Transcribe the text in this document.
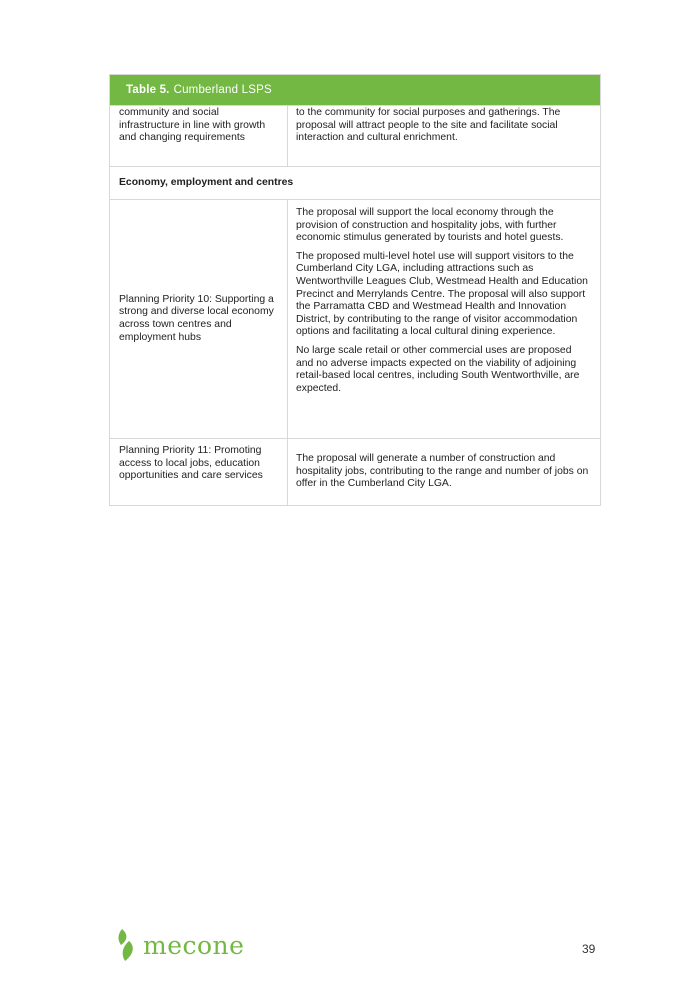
Table 5. Cumberland LSPS
community and social infrastructure in line with growth and changing requirements
to the community for social purposes and gatherings. The proposal will attract people to the site and facilitate social interaction and cultural enrichment.
Economy, employment and centres
Planning Priority 10: Supporting a strong and diverse local economy across town centres and employment hubs

The proposal will support the local economy through the provision of construction and hospitality jobs, with further economic stimulus generated by tourists and hotel guests.

The proposed multi-level hotel use will support visitors to the Cumberland City LGA, including attractions such as Wentworthville Leagues Club, Westmead Health and Education Precinct and Merrylands Centre. The proposal will also support the Parramatta CBD and Westmead Health and Innovation District, by contributing to the range of visitor accommodation options and facilitating a local cultural dining experience.

No large scale retail or other commercial uses are proposed and no adverse impacts expected on the viability of adjoining retail-based local centres, including South Wentworthville, are expected.

Planning Priority 11: Promoting access to local jobs, education opportunities and care services
The proposal will generate a number of construction and hospitality jobs, contributing to the range and number of jobs on offer in the Cumberland City LGA.
mecone	39
